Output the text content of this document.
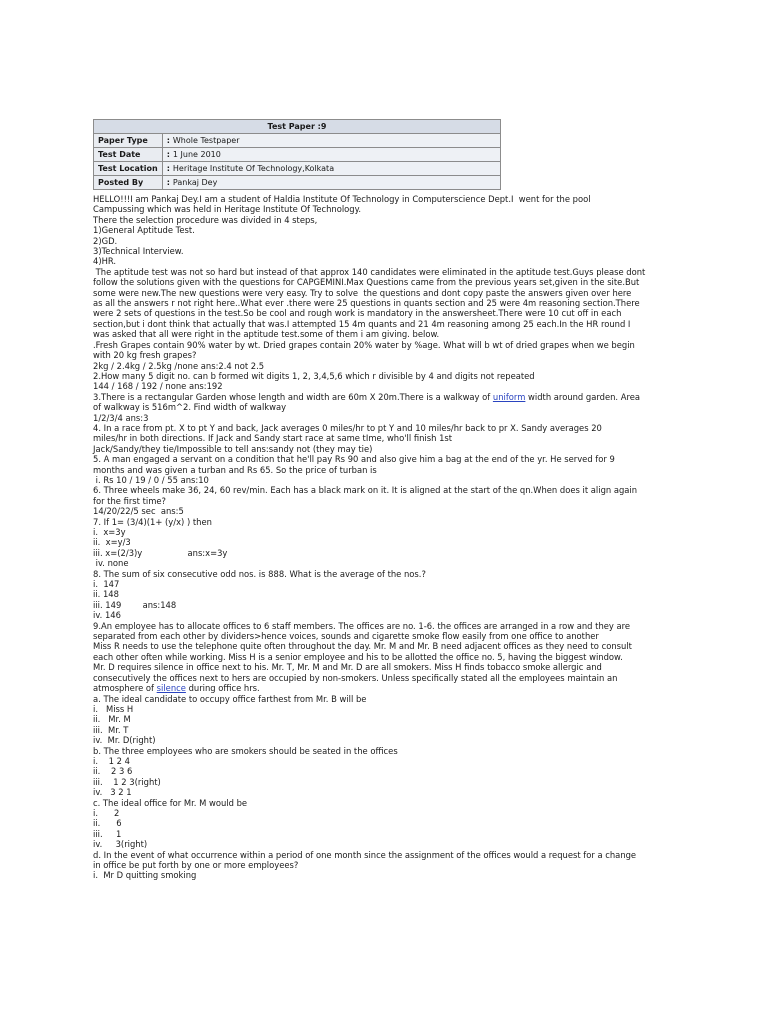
Test Paper :9	
Paper Type	: Whole Testpaper
Test Date	: 1 June 2010
Test Location	: Heritage Institute Of Technology,Kolkata
Posted By	: Pankaj Dey

HELLO!!!I am Pankaj Dey.I am a student of Haldia Institute Of Technology in Computerscience Dept.I  went for the pool

Campussing which was held in Heritage Institute Of Technology.

There the selection procedure was divided in 4 steps,

1)General Aptitude Test.

2)GD.

3)Technical Interview.

4)HR.

The aptitude test was not so hard but instead of that approx 140 candidates were eliminated in the aptitude test.Guys please dont

follow the solutions given with the questions for CAPGEMINI.Max Questions came from the previous years set,given in the site.But

some were new.The new questions were very easy. Try to solve  the questions and dont copy paste the answers given over here

as all the answers r not right here..What ever .there were 25 questions in quants section and 25 were 4m reasoning section.There

were 2 sets of questions in the test.So be cool and rough work is mandatory in the answersheet.There were 10 cut off in each

section,but i dont think that actually that was.I attempted 15 4m quants and 21 4m reasoning among 25 each.In the HR round I

was asked that all were right in the aptitude test.some of them i am giving. below.

.Fresh Grapes contain 90% water by wt. Dried grapes contain 20% water by %age. What will b wt of dried grapes when we begin

with 20 kg fresh grapes?

2kg / 2.4kg / 2.5kg /none ans:2.4 not 2.5

2.How many 5 digit no. can b formed wit digits 1, 2, 3,4,5,6 which r divisible by 4 and digits not repeated

144 / 168 / 192 / none ans:192

3.There is a rectangular Garden whose length and width are 60m X 20m.There is a walkway of uniform width around garden. Area

of walkway is 516m^2. Find width of walkway

1/2/3/4 ans:3

4. In a race from pt. X to pt Y and back, Jack averages 0 miles/hr to pt Y and 10 miles/hr back to pr X. Sandy averages 20

miles/hr in both directions. If Jack and Sandy start race at same tIme, who'll finish 1st

Jack/Sandy/they tie/Impossible to tell ans:sandy not (they may tie)

5. A man engaged a servant on a condition that he'll pay Rs 90 and also give him a bag at the end of the yr. He served for 9

months and was given a turban and Rs 65. So the price of turban is

i. Rs 10 / 19 / 0 / 55 ans:10

6. Three wheels make 36, 24, 60 rev/min. Each has a black mark on it. It is aligned at the start of the qn.When does it align again

for the first time?

14/20/22/5 sec  ans:5

7. If 1= (3/4)(1+ (y/x) ) then

i.  x=3y

ii.  x=y/3

iii. x=(2/3)y                 ans:x=3y

iv. none

8. The sum of six consecutive odd nos. is 888. What is the average of the nos.?

i.  147

ii. 148

iii. 149        ans:148

iv. 146

9.An employee has to allocate offices to 6 staff members. The offices are no. 1-6. the offices are arranged in a row and they are

separated from each other by dividers>hence voices, sounds and cigarette smoke flow easily from one office to another

Miss R needs to use the telephone quite often throughout the day. Mr. M and Mr. B need adjacent offices as they need to consult

each other often while working. Miss H is a senior employee and his to be allotted the office no. 5, having the biggest window.

Mr. D requires silence in office next to his. Mr. T, Mr. M and Mr. D are all smokers. Miss H finds tobacco smoke allergic and

consecutively the offices next to hers are occupied by non-smokers. Unless specifically stated all the employees maintain an

atmosphere of silence during office hrs.

a. The ideal candidate to occupy office farthest from Mr. B will be

i.   Miss H

ii.   Mr. M

iii.  Mr. T

iv.  Mr. D(right)

b. The three employees who are smokers should be seated in the offices

i.    1 2 4

ii.    2 3 6

iii.    1 2 3(right)

iv.   3 2 1

c. The ideal office for Mr. M would be

i.      2

ii.      6

iii.     1

iv.     3(right)

d. In the event of what occurrence within a period of one month since the assignment of the offices would a request for a change

in office be put forth by one or more employees?

i.  Mr D quitting smoking
